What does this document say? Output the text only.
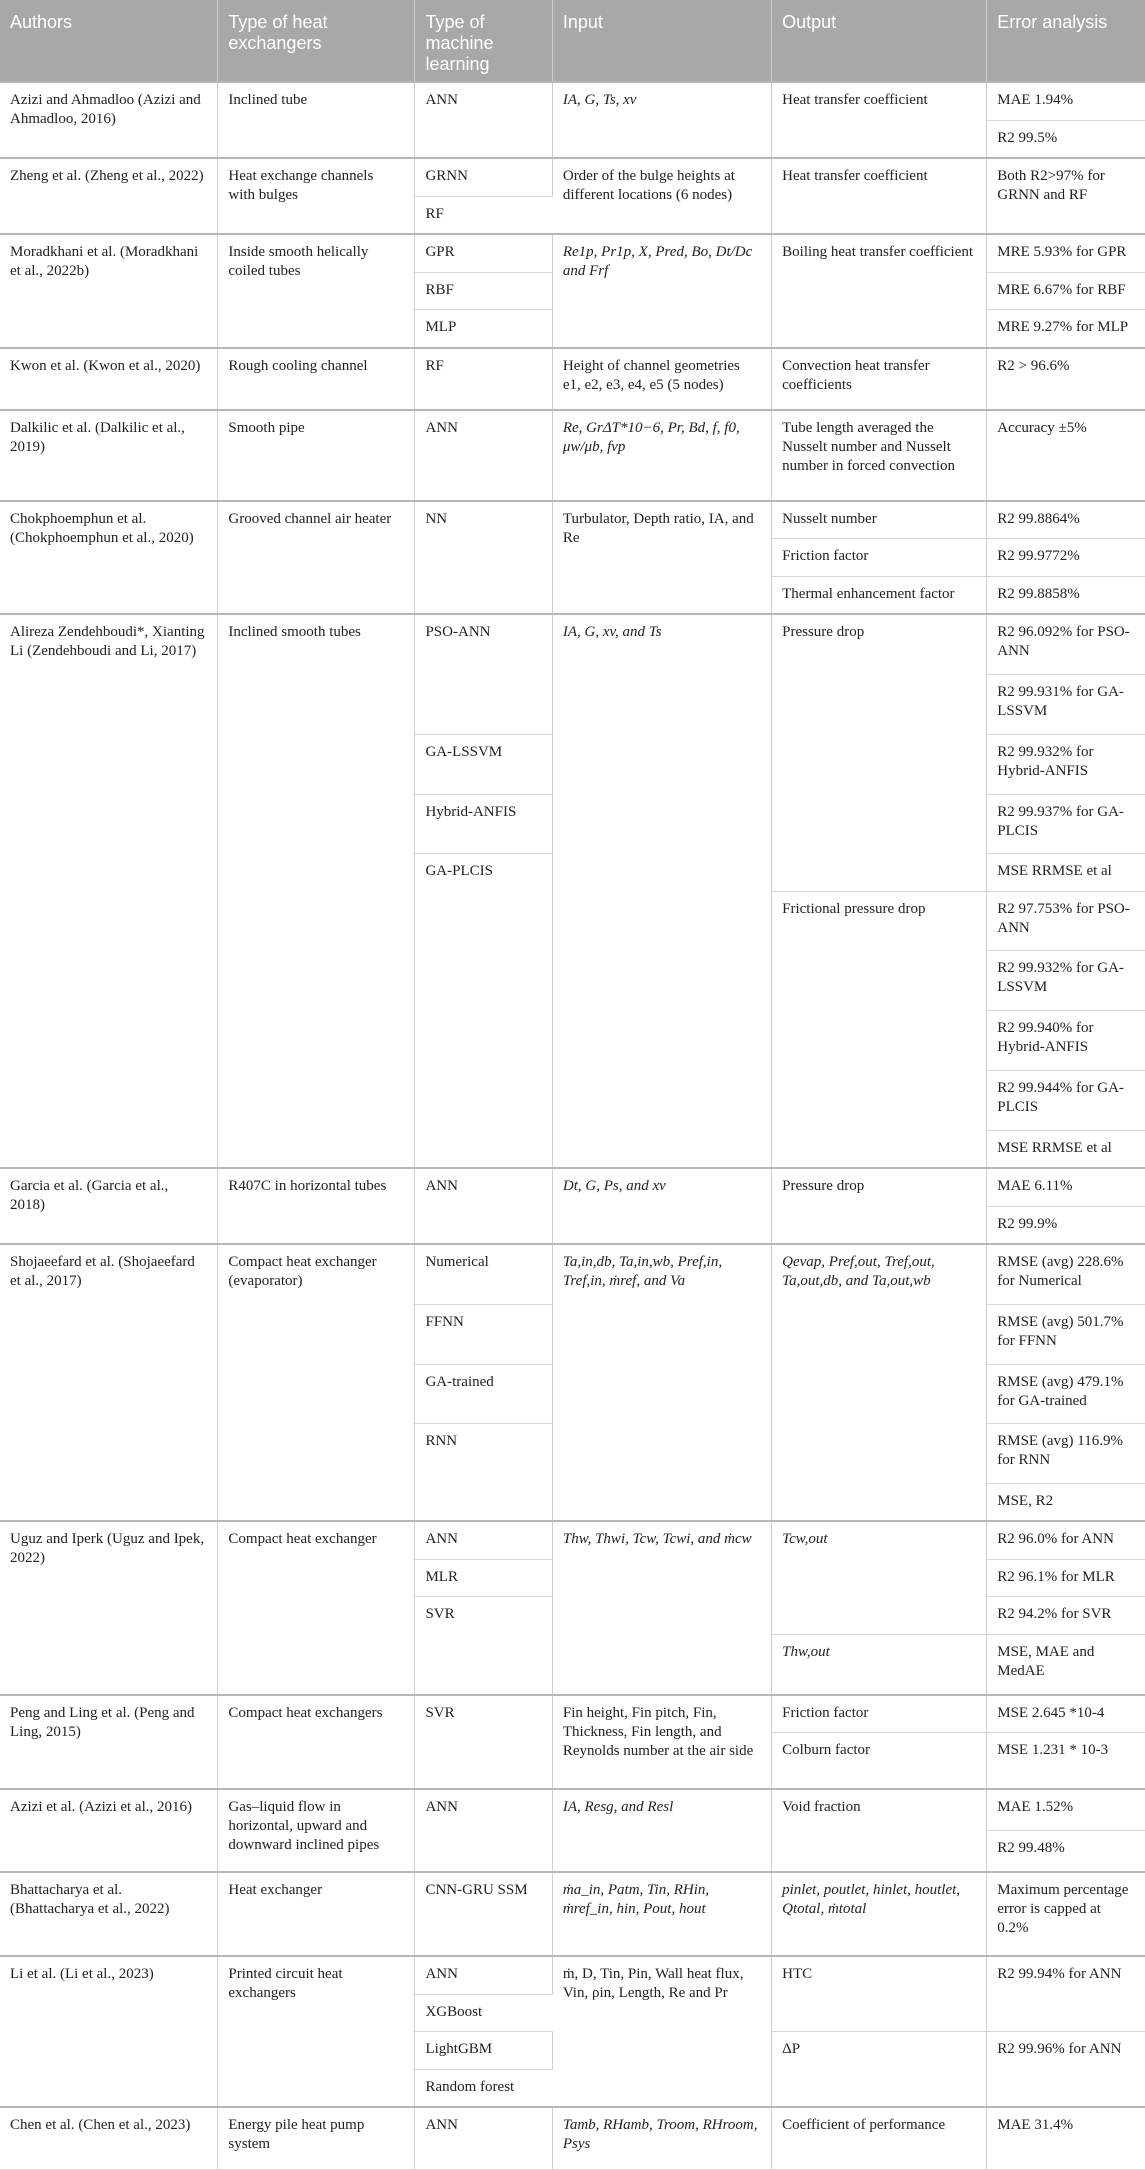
Authors	Type of heat exchangers	Type of machine learning	Input	Output	Error analysis
Azizi and Ahmadloo (Azizi and Ahmadloo, 2016)	Inclined tube	ANN	IA, G, Ts, xv	Heat transfer coefficient	MAE 1.94%
					R2 99.5%
Zheng et al. (Zheng et al., 2022)	Heat exchange channels with bulges	GRNN	Order of the bulge heights at different locations (6 nodes)	Heat transfer coefficient	Both R2>97% for GRNN and RF
		RF			
Moradkhani et al. (Moradkhani et al., 2022b)	Inside smooth helically coiled tubes	GPR	Re1p, Pr1p, X, Pred, Bo, Dt/Dc and Frf	Boiling heat transfer coefficient	MRE 5.93% for GPR
		RBF			MRE 6.67% for RBF
		MLP			MRE 9.27% for MLP
Kwon et al. (Kwon et al., 2020)	Rough cooling channel	RF	Height of channel geometries e1, e2, e3, e4, e5 (5 nodes)	Convection heat transfer coefficients	R2 > 96.6%
Dalkilic et al. (Dalkilic et al., 2019)	Smooth pipe	ANN	Re, GrΔT*10−6, Pr, Bd, f, f0, μw/μb, fvp	Tube length averaged the Nusselt number and Nusselt number in forced convection	Accuracy ±5%
Chokphoemphun et al. (Chokphoemphun et al., 2020)	Grooved channel air heater	NN	Turbulator, Depth ratio, IA, and Re	Nusselt number	R2 99.8864%
				Friction factor	R2 99.9772%
				Thermal enhancement factor	R2 99.8858%
Alireza Zendehboudi*, Xianting Li (Zendehboudi and Li, 2017)	Inclined smooth tubes	PSO-ANN	IA, G, xv, and Ts	Pressure drop	R2 96.092% for PSO-ANN
					R2 99.931% for GA-LSSVM
		GA-LSSVM			R2 99.932% for Hybrid-ANFIS
		Hybrid-ANFIS			R2 99.937% for GA-PLCIS
		GA-PLCIS			MSE RRMSE et al
				Frictional pressure drop	R2 97.753% for PSO-ANN
					R2 99.932% for GA-LSSVM
					R2 99.940% for Hybrid-ANFIS
					R2 99.944% for GA-PLCIS
					MSE RRMSE et al
Garcia et al. (Garcia et al., 2018)	R407C in horizontal tubes	ANN	Dt, G, Ps, and xv	Pressure drop	MAE 6.11%
					R2 99.9%
Shojaeefard et al. (Shojaeefard et al., 2017)	Compact heat exchanger (evaporator)	Numerical	Ta,in,db, Ta,in,wb, Pref,in, Tref,in, ṁref, and Va	Qevap, Pref,out, Tref,out, Ta,out,db, and Ta,out,wb	RMSE (avg) 228.6% for Numerical
		FFNN			RMSE (avg) 501.7% for FFNN
		GA-trained			RMSE (avg) 479.1% for GA-trained
		RNN			RMSE (avg) 116.9% for RNN
					MSE, R2
Uguz and Iperk (Uguz and Ipek, 2022)	Compact heat exchanger	ANN	Thw, Thwi, Tcw, Tcwi, and ṁcw	Tcw,out	R2 96.0% for ANN
		MLR			R2 96.1% for MLR
		SVR			R2 94.2% for SVR
				Thw,out	MSE, MAE and MedAE
Peng and Ling et al. (Peng and Ling, 2015)	Compact heat exchangers	SVR	Fin height, Fin pitch, Fin, Thickness, Fin length, and Reynolds number at the air side	Friction factor	MSE 2.645 *10-4
				Colburn factor	MSE 1.231 * 10-3
Azizi et al. (Azizi et al., 2016)	Gas–liquid flow in horizontal, upward and downward inclined pipes	ANN	IA, Resg, and Resl	Void fraction	MAE 1.52%
					R2 99.48%
Bhattacharya et al. (Bhattacharya et al., 2022)	Heat exchanger	CNN-GRU SSM	ṁa_in, Patm, Tin, RHin, ṁref_in, hin, Pout, hout	pinlet, poutlet, hinlet, houtlet, Qtotal, ṁtotal	Maximum percentage error is capped at 0.2%
Li et al. (Li et al., 2023)	Printed circuit heat exchangers	ANN	ṁ, D, Tin, Pin, Wall heat flux, Vin, ρin, Length, Re and Pr	HTC	R2 99.94% for ANN
		XGBoost			
		LightGBM		ΔP	R2 99.96% for ANN
		Random forest			
Chen et al. (Chen et al., 2023)	Energy pile heat pump system	ANN	Tamb, RHamb, Troom, RHroom, Psys	Coefficient of performance	MAE 31.4%
